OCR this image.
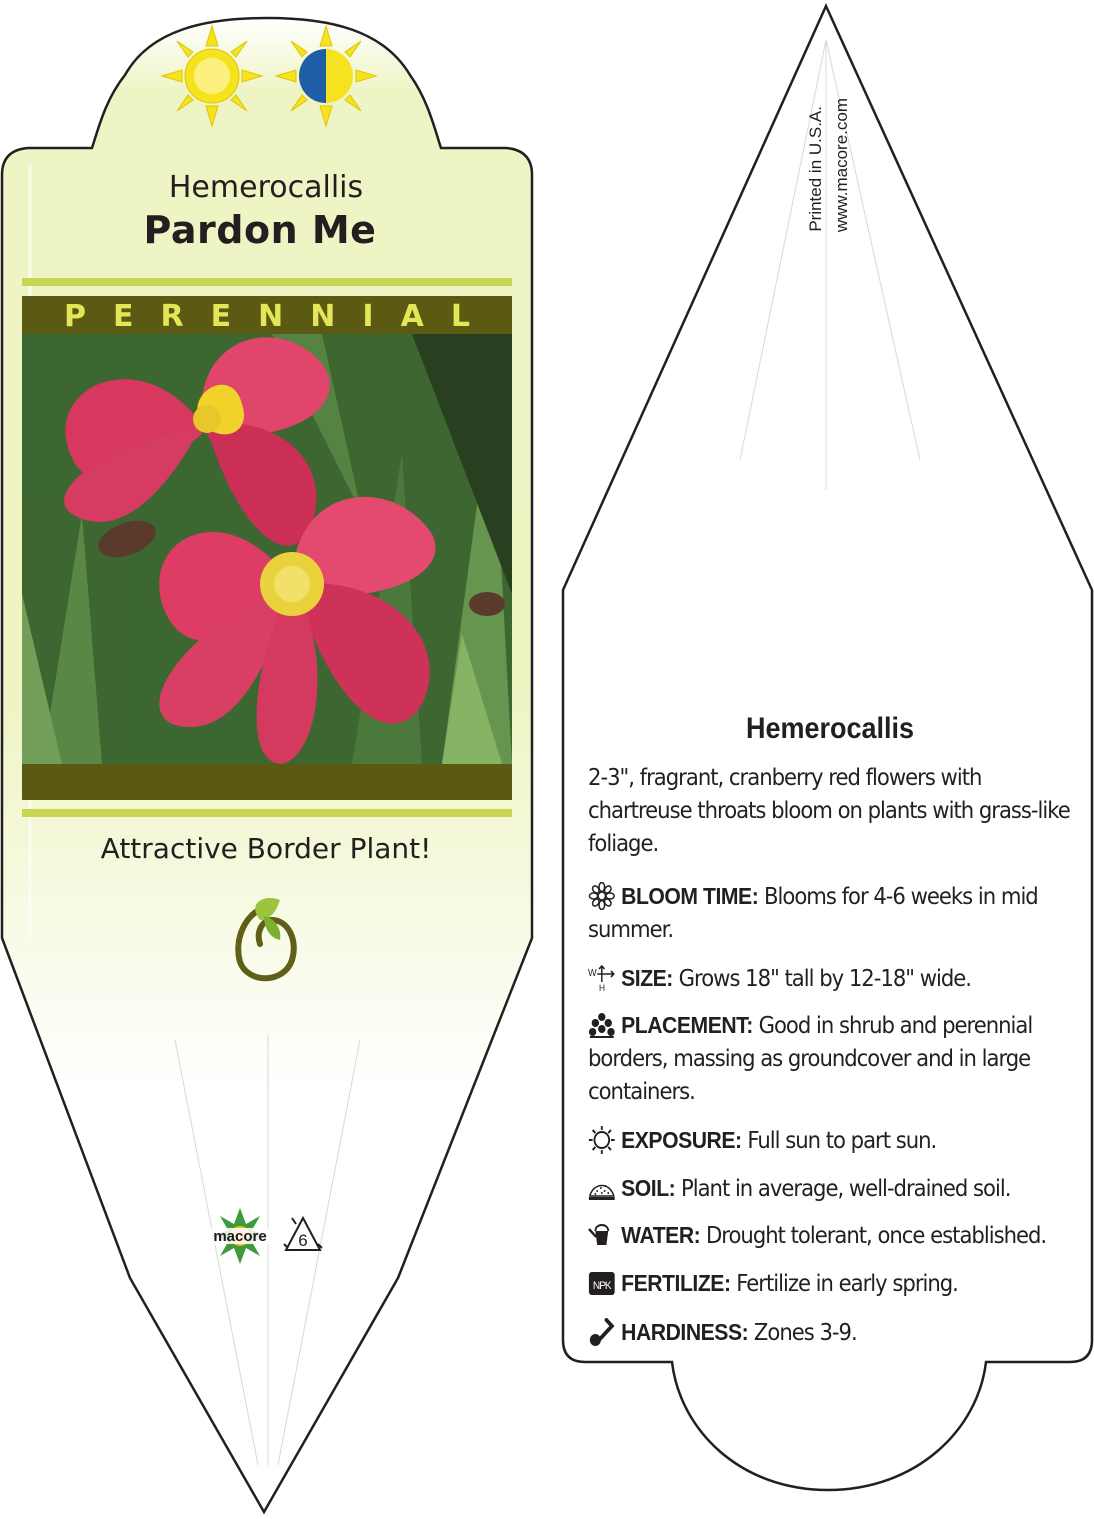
Hemerocallis
Pardon Me
P E R E N N I A L
Attractive Border Plant!
macore 6
Printed in U.S.A. www.macore.com
Hemerocallis
2-3", fragrant, cranberry red flowers with chartreuse throats bloom on plants with grass-like foliage.
BLOOM TIME: Blooms for 4-6 weeks in mid summer.
W
H SIZE: Grows 18" tall by 12-18" wide.
PLACEMENT: Good in shrub and perennial borders, massing as groundcover and in large containers.
EXPOSURE: Full sun to part sun.
SOIL: Plant in average, well-drained soil.
WATER: Drought tolerant, once established.
NPK FERTILIZE: Fertilize in early spring.
HARDINESS: Zones 3-9.
